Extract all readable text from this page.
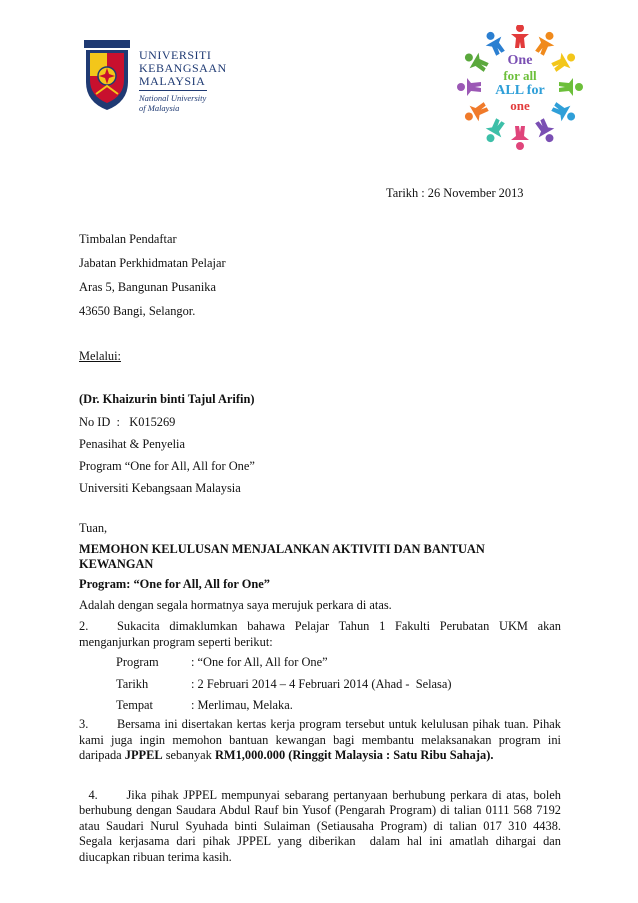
UNIVERSITI
KEBANGSAAN
MALAYSIA
National University
of Malaysia
One
for all
ALL for
one
Tarikh : 26 November 2013
Timbalan Pendaftar
Jabatan Perkhidmatan Pelajar
Aras 5, Bangunan Pusanika
43650 Bangi, Selangor.
Melalui:
(Dr. Khaizurin binti Tajul Arifin)
No ID  :   K015269
Penasihat & Penyelia
Program “One for All, All for One”
Universiti Kebangsaan Malaysia
Tuan,
MEMOHON KELULUSAN MENJALANKAN AKTIVITI DAN BANTUAN
KEWANGAN
Program: “One for All, All for One”
Adalah dengan segala hormatnya saya merujuk perkara di atas.
2. Sukacita dimaklumkan bahawa Pelajar Tahun 1 Fakulti Perubatan UKM akan menganjurkan program seperti berikut:
Program	: “One for All, All for One”
Tarikh	: 2 Februari 2014 – 4 Februari 2014 (Ahad -  Selasa)
Tempat	: Merlimau, Melaka.
3. Bersama ini disertakan kertas kerja program tersebut untuk kelulusan pihak tuan. Pihak kami juga ingin memohon bantuan kewangan bagi membantu melaksanakan program ini daripada JPPEL sebanyak RM1,000.000 (Ringgit Malaysia : Satu Ribu Sahaja).

4. Jika pihak JPPEL mempunyai sebarang pertanyaan berhubung perkara di atas, boleh berhubung dengan Saudara Abdul Rauf bin Yusof (Pengarah Program) di talian 0111 568 7192 atau Saudari Nurul Syuhada binti Sulaiman (Setiausaha Program) di talian 017 310 4438.  Segala kerjasama dari pihak JPPEL yang diberikan  dalam hal ini amatlah dihargai dan diucapkan ribuan terima kasih.
